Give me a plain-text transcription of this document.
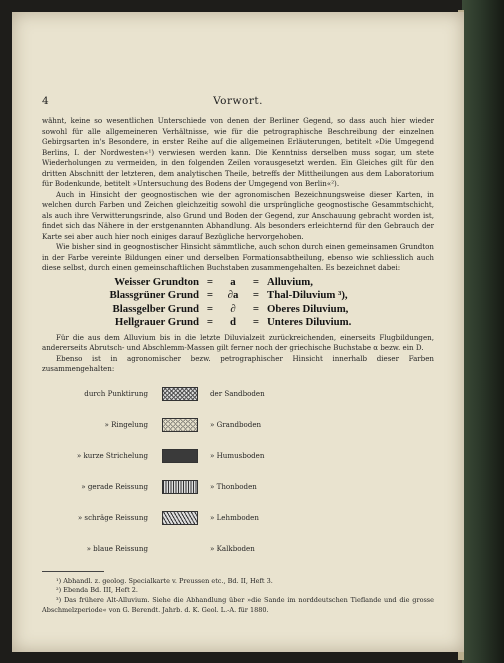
4	Vorwort.

wähnt, keine so wesentlichen Unterschiede von denen der Berliner Gegend, so dass auch hier wieder sowohl für alle allgemeineren Verhältnisse, wie für die petrographische Beschreibung der einzelnen Gebirgsarten in's Besondere, in erster Reihe auf die allgemeinen Erläuterungen, betitelt »Die Umgegend Berlins, I. der Nordwesten«¹) verwiesen werden kann. Die Kenntniss derselben muss sogar, um stete Wiederholungen zu vermeiden, in den folgenden Zeilen vorausgesetzt werden. Ein Gleiches gilt für den dritten Abschnitt der letzteren, dem analytischen Theile, betreffs der Mittheilungen aus dem Laboratorium für Bodenkunde, betitelt »Untersuchung des Bodens der Umgegend von Berlin«²).

Auch in Hinsicht der geognostischen wie der agronomischen Bezeichnungsweise dieser Karten, in welchen durch Farben und Zeichen gleichzeitig sowohl die ursprüngliche geognostische Gesammtschicht, als auch ihre Verwitterungsrinde, also Grund und Boden der Gegend, zur Anschauung gebracht worden ist, findet sich das Nähere in der erstgenannten Abhandlung. Als besonders erleichternd für den Gebrauch der Karte sei aber auch hier noch einiges darauf Bezügliche hervorgehoben.

Wie bisher sind in geognostischer Hinsicht sämmtliche, auch schon durch einen gemeinsamen Grundton in der Farbe vereinte Bildungen einer und derselben Formationsabtheilung, ebenso wie schliesslich auch diese selbst, durch einen gemeinschaftlichen Buchstaben zusammengehalten. Es bezeichnet dabei:

Weisser Grundton =	a	= Alluvium,
Blassgrüner Grund =	∂a	= Thal-Diluvium ³),
Blassgelber Grund =	∂	= Oberes Diluvium,
Hellgrauer Grund =	d	= Unteres Diluvium.

Für die aus dem Alluvium bis in die letzte Diluvialzeit zurückreichenden, einerseits Flugbildungen, andererseits Abrutsch- und Abschlemm-Massen gilt ferner noch der griechische Buchstabe α bezw. ein D.

Ebenso ist in agronomischer bezw. petrographischer Hinsicht innerhalb dieser Farben zusammengehalten:

durch Punktirung	der Sandboden
» Ringelung	» Grandboden
» kurze Strichelung	» Humusboden
» gerade Reissung	» Thonboden
» schräge Reissung	» Lehmboden
» blaue Reissung	» Kalkboden

¹) Abhandl. z. geolog. Specialkarte v. Preussen etc., Bd. II, Heft 3.

²) Ebenda Bd. III, Heft 2.

³) Das frühere Alt-Alluvium. Siehe die Abhandlung über »die Sande im norddeutschen Tieflande und die grosse Abschmelzperiode« von G. Berendt. Jahrb. d. K. Geol. L.-A. für 1880.
